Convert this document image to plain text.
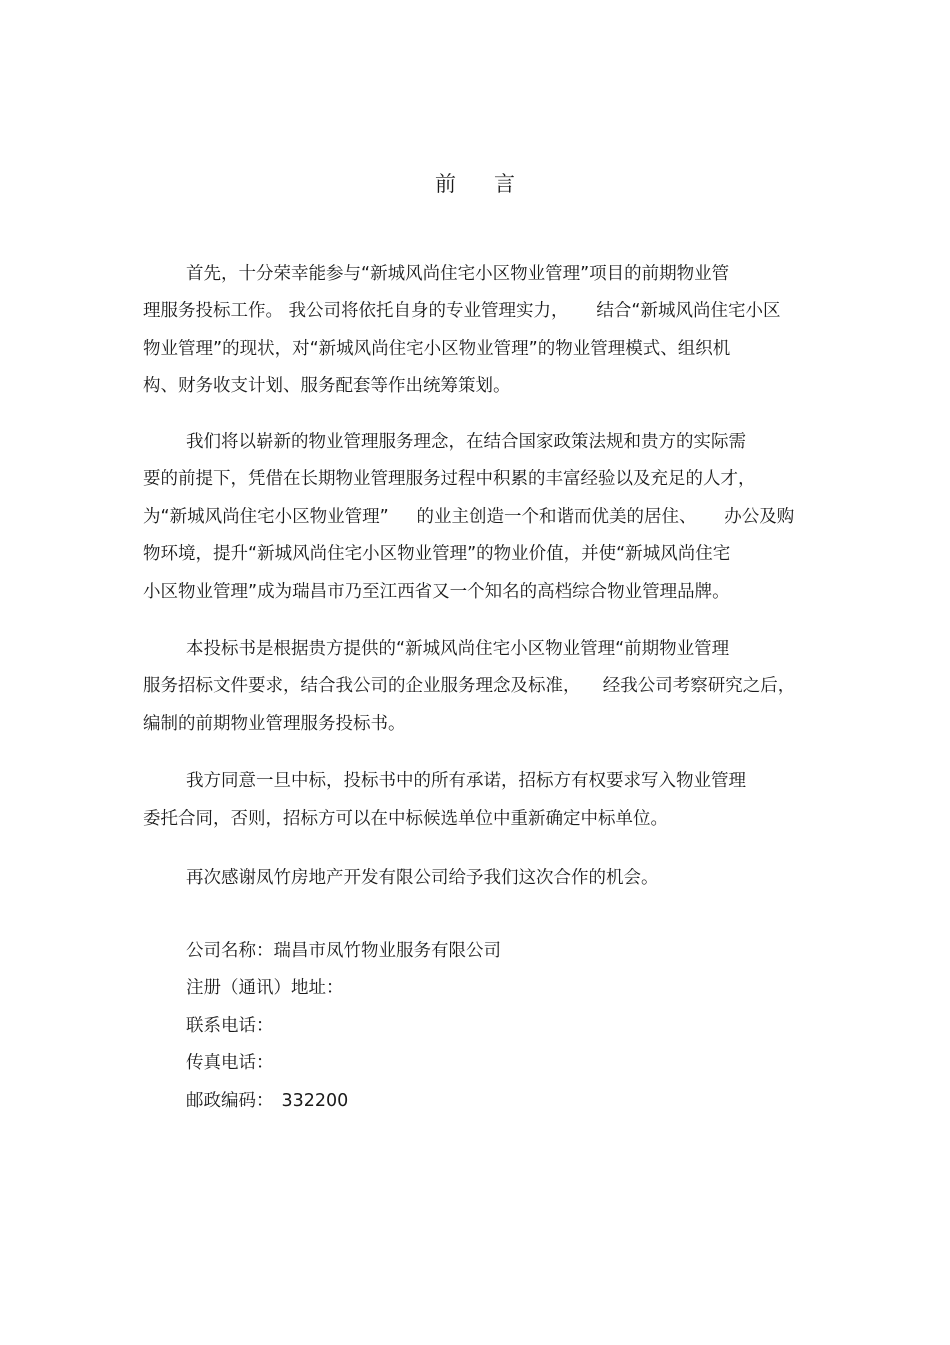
前 言
首先，十分荣幸能参与“新城风尚住宅小区物业管理”项目的前期物业管
理服务投标工作。 我公司将依托自身的专业管理实力，     结合“新城风尚住宅小区
物业管理”的现状，对“新城风尚住宅小区物业管理”的物业管理模式、组织机
构、财务收支计划、服务配套等作出统筹策划。
我们将以崭新的物业管理服务理念，在结合国家政策法规和贵方的实际需
要的前提下，凭借在长期物业管理服务过程中积累的丰富经验以及充足的人才，
为“新城风尚住宅小区物业管理”     的业主创造一个和谐而优美的居住、     办公及购
物环境，提升“新城风尚住宅小区物业管理”的物业价值，并使“新城风尚住宅
小区物业管理”成为瑞昌市乃至江西省又一个知名的高档综合物业管理品牌。
本投标书是根据贵方提供的“新城风尚住宅小区物业管理“前期物业管理
服务招标文件要求，结合我公司的企业服务理念及标准，    经我公司考察研究之后，
编制的前期物业管理服务投标书。
我方同意一旦中标，投标书中的所有承诺，招标方有权要求写入物业管理
委托合同，否则，招标方可以在中标候选单位中重新确定中标单位。
再次感谢凤竹房地产开发有限公司给予我们这次合作的机会。
公司名称：瑞昌市凤竹物业服务有限公司
注册（通讯）地址：
联系电话：
传真电话：
邮政编码： 332200
